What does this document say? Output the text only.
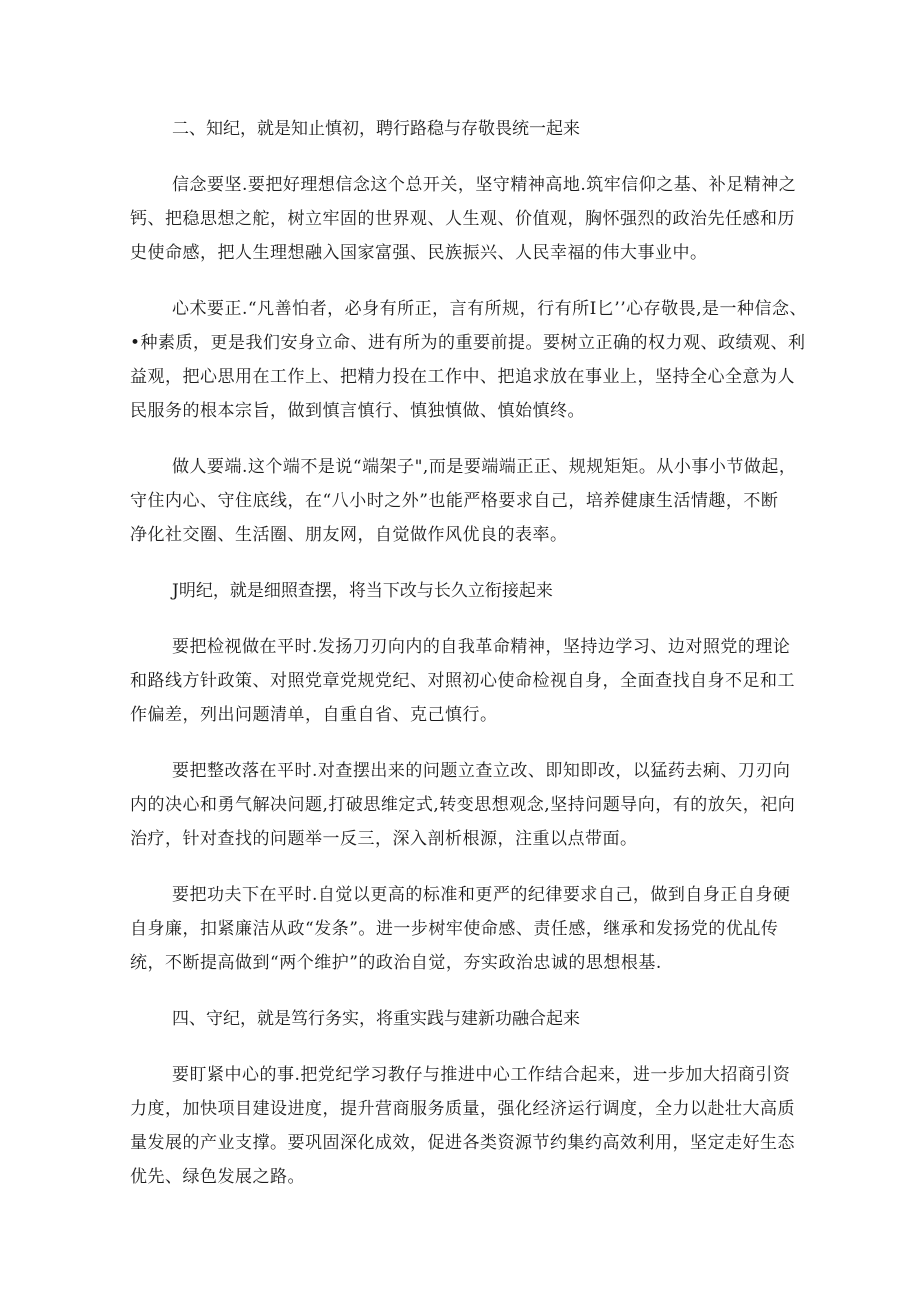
二、知纪，就是知止慎初，聘行路稳与存敬畏统一起来
信念要坚.要把好理想信念这个总开关，坚守精神高地.筑牢信仰之基、补足精神之
钙、把稳思想之舵，树立牢固的世界观、人生观、价值观，胸怀强烈的政治先任感和历
史使命感，把人生理想融入国家富强、民族振兴、人民幸福的伟大事业中。
心术要正.“凡善怕者，必身有所正，言有所规，行有所I匕’’心存敬畏,是一种信念、
•种素质，更是我们安身立命、进有所为的重要前提。要树立正确的权力观、政绩观、利
益观，把心思用在工作上、把精力投在工作中、把追求放在事业上，坚持全心全意为人
民服务的根本宗旨，做到慎言慎行、慎独慎做、慎始慎终。
做人要端.这个端不是说“端架子",而是要端端正正、规规矩矩。从小事小节做起，
守住内心、守住底线，在“八小时之外”也能严格要求自己，培养健康生活情趣，不断
净化社交圈、生活圈、朋友网，自觉做作风优良的表率。
J明纪，就是细照查摆，将当下改与长久立衔接起来
要把检视做在平时.发扬刀刃向内的自我革命精神，坚持边学习、边对照党的理论
和路线方针政策、对照党章党规党纪、对照初心使命检视自身，全面查找自身不足和工
作偏差，列出问题清单，自重自省、克己慎行。
要把整改落在平时.对查摆出来的问题立查立改、即知即改，以猛药去痢、刀刃向
内的决心和勇气解决问题,打破思维定式,转变思想观念,坚持问题导向，有的放矢，祀向
治疗，针对查找的问题举一反三，深入剖析根源，注重以点带面。
要把功夫下在平时.自觉以更高的标准和更严的纪律要求自己，做到自身正自身硬
自身廉，扣紧廉洁从政“发条”。进一步树牢使命感、责任感，继承和发扬党的优乩传
统，不断提高做到“两个维护”的政治自觉，夯实政治忠诚的思想根基.
四、守纪，就是笃行务实，将重实践与建新功融合起来
要盯紧中心的事.把党纪学习教仔与推进中心工作结合起来，进一步加大招商引资
力度，加快项目建设进度，提升营商服务质量，强化经济运行调度，全力以赴壮大高质
量发展的产业支撑。要巩固深化成效，促进各类资源节约集约高效利用，坚定走好生态
优先、绿色发展之路。
